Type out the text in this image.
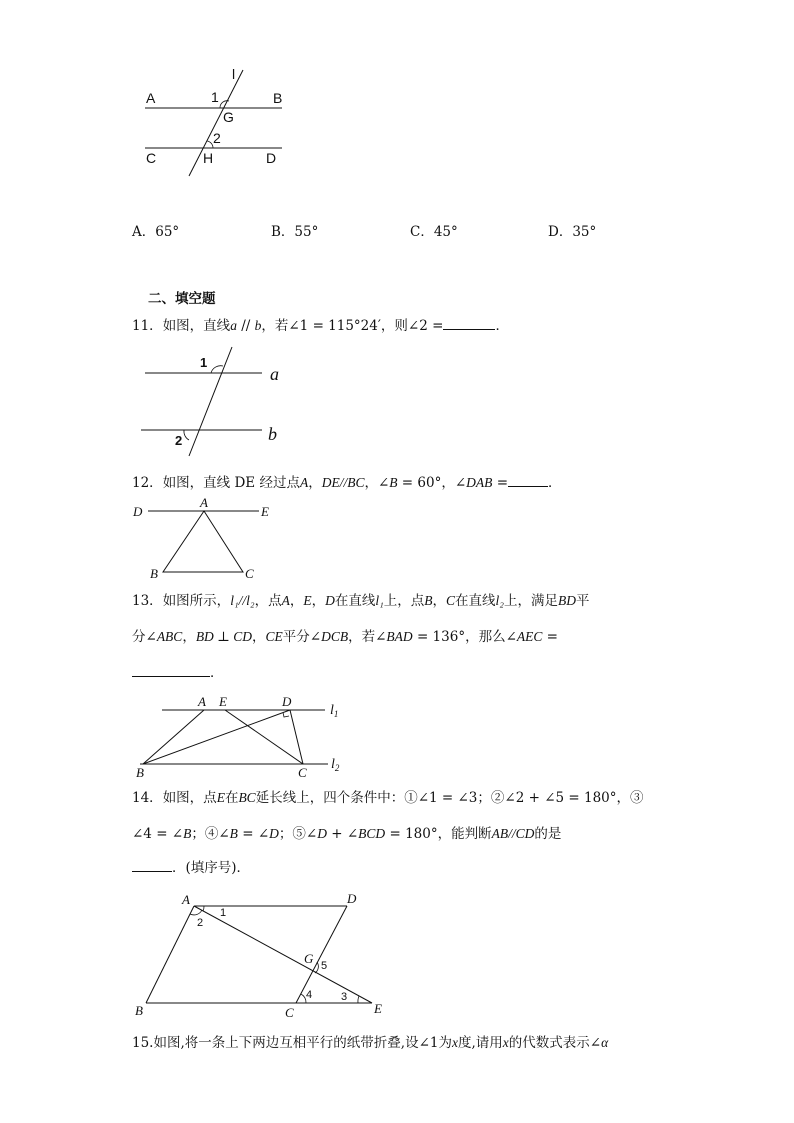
l
A	B
C	D
G
H
1
2
A．65°	B．55°	C．45°	D．35°
二、填空题
11．如图，直线a // b，若∠1 = 115°24′，则∠2 =	．
1
2
a
b
12．如图，直线 DE 经过点A，DE//BC，∠B = 60°，∠DAB =	．
D
A
E
B	C
13．如图所示，l₁//l₂，点A，E，D在直线l₁上，点B，C在直线l₂上，满足BD平
分∠ABC，BD ⊥ CD，CE平分∠DCB，若∠BAD = 136°，那么∠AEC =
．
A E	D
B	C
$l_1$
$l_2$
14．如图，点E在BC延长线上，四个条件中：①∠1 = ∠3；②∠2 + ∠5 = 180°，③
∠4 = ∠B；④∠B = ∠D；⑤∠D + ∠BCD = 180°，能判断AB//CD的是
．(填序号)．
A	D
B	C	E
G
1
2
3
4
5
15.如图,将一条上下两边互相平行的纸带折叠,设∠1为x度,请用x的代数式表示∠α
